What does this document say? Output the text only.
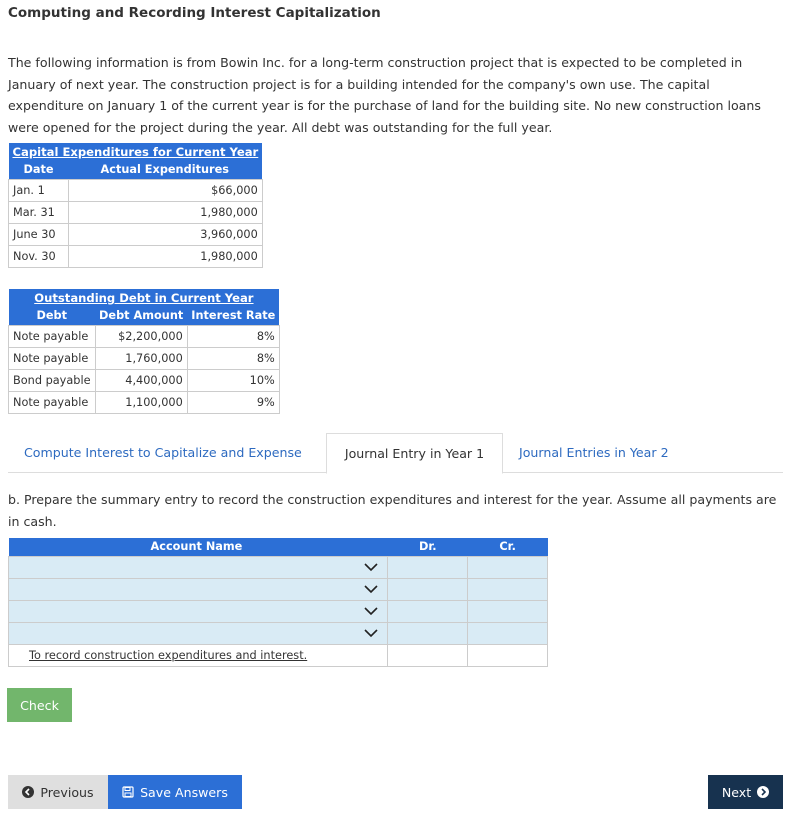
Computing and Recording Interest Capitalization
The following information is from Bowin Inc. for a long-term construction project that is expected to be completed in January of next year. The construction project is for a building intended for the company's own use. The capital expenditure on January 1 of the current year is for the purchase of land for the building site. No new construction loans were opened for the project during the year. All debt was outstanding for the full year.
Capital Expenditures for Current Year	
Date	Actual Expenditures
Jan. 1	$66,000
Mar. 31	1,980,000
June 30	3,960,000
Nov. 30	1,980,000
Outstanding Debt in Current Year		
Debt	Debt Amount	Interest Rate
Note payable	$2,200,000	8%
Note payable	1,760,000	8%
Bond payable	4,400,000	10%
Note payable	1,100,000	9%
Compute Interest to Capitalize and Expense	Journal Entry in Year 1	Journal Entries in Year 2
b. Prepare the summary entry to record the construction expenditures and interest for the year. Assume all payments are in cash.
Account Name	Dr.	Cr.

To record construction expenditures and interest.		
Check
Previous	Save Answers	Next
